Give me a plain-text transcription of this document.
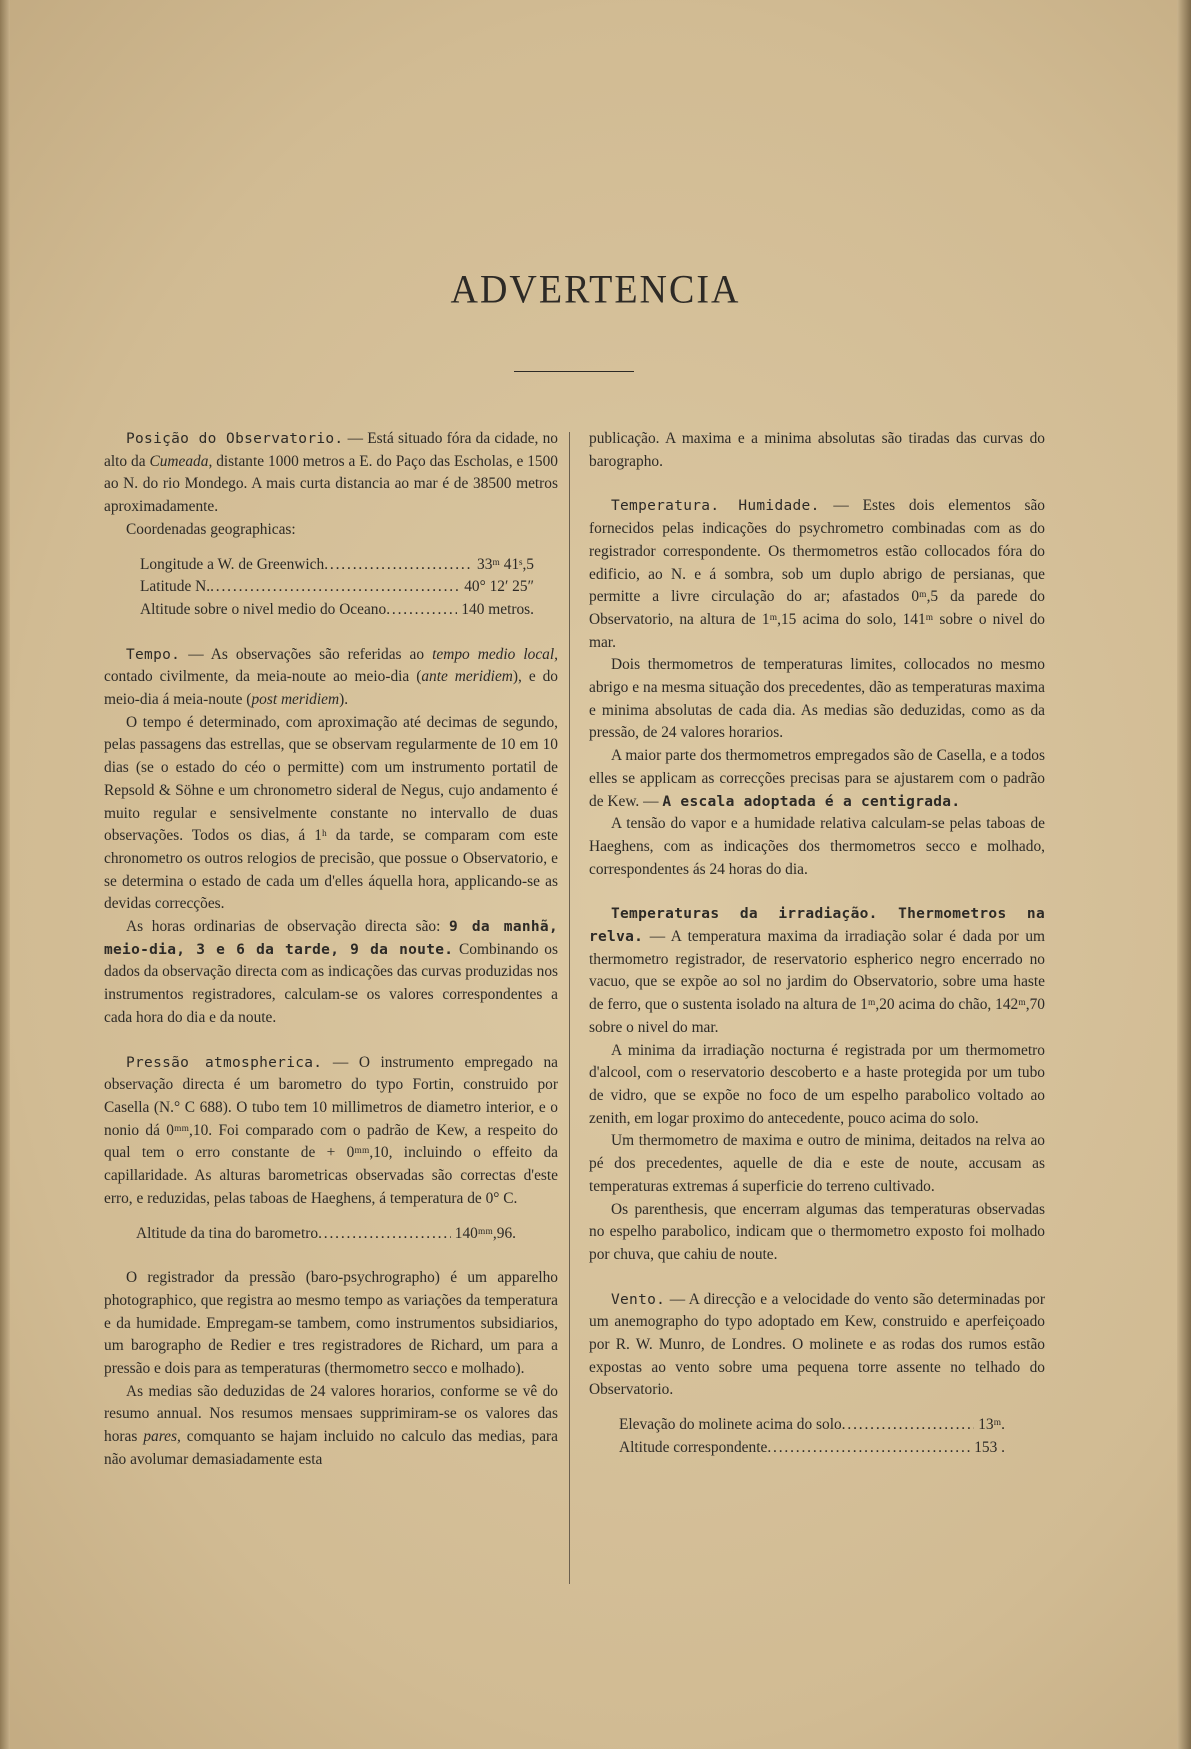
ADVERTENCIA

Posição do Observatorio. — Está situado fóra da cidade, no alto da Cumeada, distante 1000 metros a E. do Paço das Escholas, e 1500 ao N. do rio Mondego. A mais curta distancia ao mar é de 38500 metros aproximadamente.

Coordenadas geographicas:

Longitude a W. de Greenwich . . .	33ᵐ 41ˢ,5
Latitude N. . . .	40° 12′ 25″
Altitude sobre o nivel medio do Oceano . . .	140 metros.

Tempo. — As observações são referidas ao tempo medio local, contado civilmente, da meia-noute ao meio-dia (ante meridiem), e do meio-dia á meia-noute (post meridiem).

O tempo é determinado, com aproximação até decimas de segundo, pelas passagens das estrellas, que se observam regularmente de 10 em 10 dias (se o estado do céo o permitte) com um instrumento portatil de Repsold & Söhne e um chronometro sideral de Negus, cujo andamento é muito regular e sensivelmente constante no intervallo de duas observações. Todos os dias, á 1ʰ da tarde, se comparam com este chronometro os outros relogios de precisão, que possue o Observatorio, e se determina o estado de cada um d'elles áquella hora, applicando-se as devidas correcções.

As horas ordinarias de observação directa são: 9 da manhã, meio-dia, 3 e 6 da tarde, 9 da noute. Combinando os dados da observação directa com as indicações das curvas produzidas nos instrumentos registradores, calculam-se os valores correspondentes a cada hora do dia e da noute.

Pressão atmospherica. — O instrumento empregado na observação directa é um barometro do typo Fortin, construido por Casella (N.° C 688). O tubo tem 10 millimetros de diametro interior, e o nonio dá 0ᵐᵐ,10. Foi comparado com o padrão de Kew, a respeito do qual tem o erro constante de + 0ᵐᵐ,10, incluindo o effeito da capillaridade. As alturas barometricas observadas são correctas d'este erro, e reduzidas, pelas taboas de Haeghens, á temperatura de 0° C.

Altitude da tina do barometro . . .	140ᵐᵐ,96.

O registrador da pressão (baro-psychrographo) é um apparelho photographico, que registra ao mesmo tempo as variações da temperatura e da humidade. Empregam-se tambem, como instrumentos subsidiarios, um barographo de Redier e tres registradores de Richard, um para a pressão e dois para as temperaturas (thermometro secco e molhado).

As medias são deduzidas de 24 valores horarios, conforme se vê do resumo annual. Nos resumos mensaes supprimiram-se os valores das horas pares, comquanto se hajam incluido no calculo das medias, para não avolumar demasiadamente esta

publicação. A maxima e a minima absolutas são tiradas das curvas do barographo.

Temperatura. Humidade. — Estes dois elementos são fornecidos pelas indicações do psychrometro combinadas com as do registrador correspondente. Os thermometros estão collocados fóra do edificio, ao N. e á sombra, sob um duplo abrigo de persianas, que permitte a livre circulação do ar; afastados 0ᵐ,5 da parede do Observatorio, na altura de 1ᵐ,15 acima do solo, 141ᵐ sobre o nivel do mar.

Dois thermometros de temperaturas limites, collocados no mesmo abrigo e na mesma situação dos precedentes, dão as temperaturas maxima e minima absolutas de cada dia. As medias são deduzidas, como as da pressão, de 24 valores horarios.

A maior parte dos thermometros empregados são de Casella, e a todos elles se applicam as correcções precisas para se ajustarem com o padrão de Kew. — A escala adoptada é a centigrada.

A tensão do vapor e a humidade relativa calculam-se pelas taboas de Haeghens, com as indicações dos thermometros secco e molhado, correspondentes ás 24 horas do dia.

Temperaturas da irradiação. Thermometros na relva. — A temperatura maxima da irradiação solar é dada por um thermometro registrador, de reservatorio espherico negro encerrado no vacuo, que se expõe ao sol no jardim do Observatorio, sobre uma haste de ferro, que o sustenta isolado na altura de 1ᵐ,20 acima do chão, 142ᵐ,70 sobre o nivel do mar.

A minima da irradiação nocturna é registrada por um thermometro d'alcool, com o reservatorio descoberto e a haste protegida por um tubo de vidro, que se expõe no foco de um espelho parabolico voltado ao zenith, em logar proximo do antecedente, pouco acima do solo.

Um thermometro de maxima e outro de minima, deitados na relva ao pé dos precedentes, aquelle de dia e este de noute, accusam as temperaturas extremas á superficie do terreno cultivado.

Os parenthesis, que encerram algumas das temperaturas observadas no espelho parabolico, indicam que o thermometro exposto foi molhado por chuva, que cahiu de noute.

Vento. — A direcção e a velocidade do vento são determinadas por um anemographo do typo adoptado em Kew, construido e aperfeiçoado por R. W. Munro, de Londres. O molinete e as rodas dos rumos estão expostas ao vento sobre uma pequena torre assente no telhado do Observatorio.

Elevação do molinete acima do solo . . .	13ᵐ.
Altitude correspondente . . .	153 .
